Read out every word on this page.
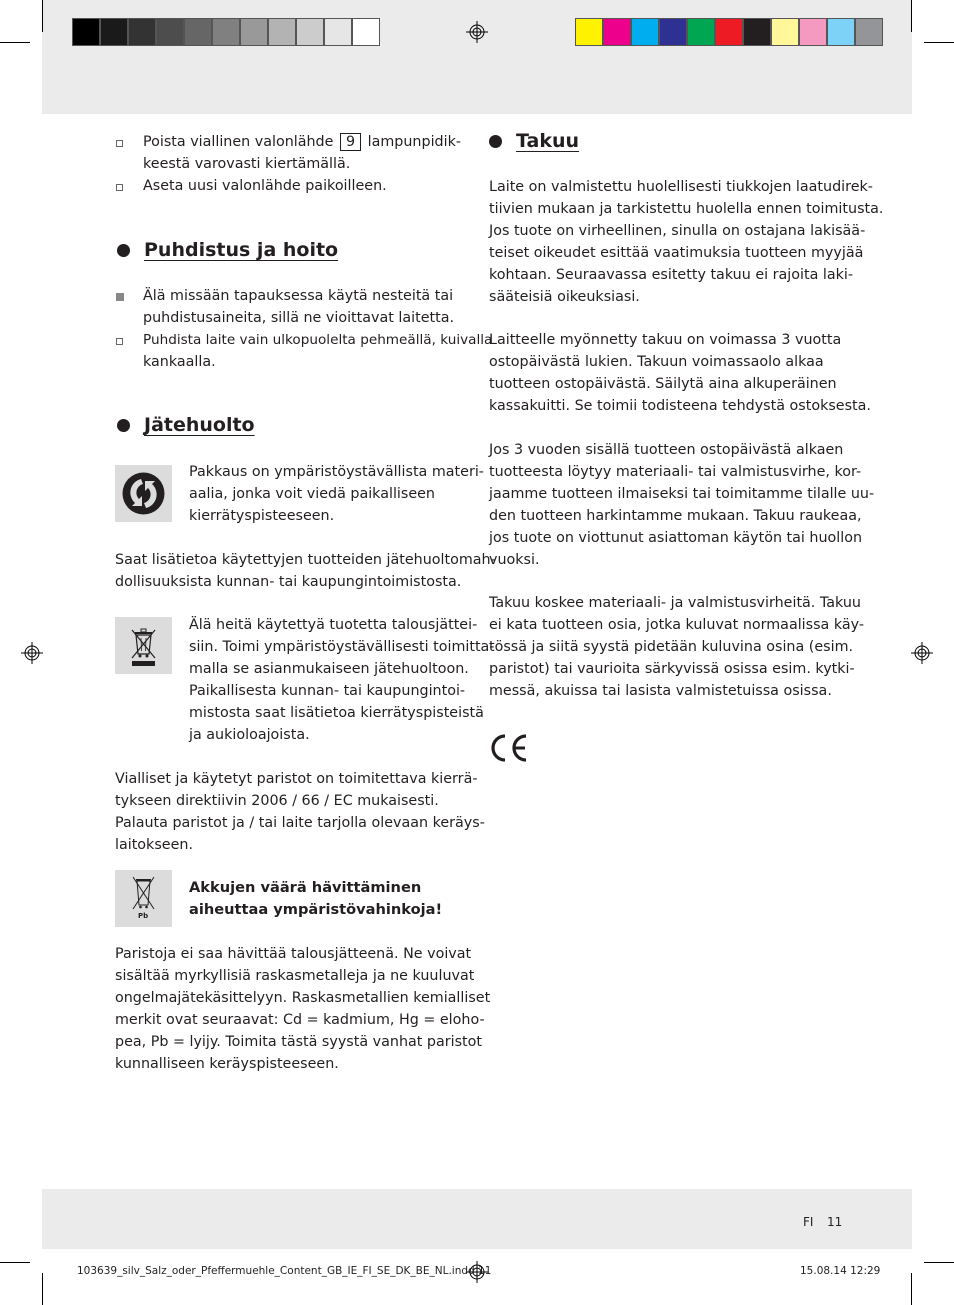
Poista viallinen valonlähde 9 lampunpidik-
keestä varovasti kiertämällä.
Aseta uusi valonlähde paikoilleen.
Puhdistus ja hoito
Älä missään tapauksessa käytä nesteitä tai
puhdistusaineita, sillä ne vioittavat laitetta.
Puhdista laite vain ulkopuolelta pehmeällä, kuivalla
kankaalla.
Jätehuolto
Pakkaus on ympäristöystävällista materi-
aalia, jonka voit viedä paikalliseen
kierrätyspisteeseen.
Saat lisätietoa käytettyjen tuotteiden jätehuoltomah-
dollisuuksista kunnan- tai kaupungintoimistosta.
Älä heitä käytettyä tuotetta talousjättei-
siin. Toimi ympäristöystävällisesti toimitta-
malla se asianmukaiseen jätehuoltoon.
Paikallisesta kunnan- tai kaupungintoi-
mistosta saat lisätietoa kierrätyspisteistä
ja aukioloajoista.
Vialliset ja käytetyt paristot on toimitettava kierrä-
tykseen direktiivin 2006 / 66 / EC mukaisesti.
Palauta paristot ja / tai laite tarjolla olevaan keräys-
laitokseen.
Pb
Akkujen väärä hävittäminen
aiheuttaa ympäristövahinkoja!
Paristoja ei saa hävittää talousjätteenä. Ne voivat
sisältää myrkyllisiä raskasmetalleja ja ne kuuluvat
ongelmajätekäsittelyyn. Raskasmetallien kemialliset
merkit ovat seuraavat: Cd = kadmium, Hg = eloho-
pea, Pb = lyijy. Toimita tästä syystä vanhat paristot
kunnalliseen keräyspisteeseen.
Takuu
Laite on valmistettu huolellisesti tiukkojen laatudirek-
tiivien mukaan ja tarkistettu huolella ennen toimitusta.
Jos tuote on virheellinen, sinulla on ostajana lakisää-
teiset oikeudet esittää vaatimuksia tuotteen myyjää
kohtaan. Seuraavassa esitetty takuu ei rajoita laki-
sääteisiä oikeuksiasi.
Laitteelle myönnetty takuu on voimassa 3 vuotta
ostopäivästä lukien. Takuun voimassaolo alkaa
tuotteen ostopäivästä. Säilytä aina alkuperäinen
kassakuitti. Se toimii todisteena tehdystä ostoksesta.
Jos 3 vuoden sisällä tuotteen ostopäivästä alkaen
tuotteesta löytyy materiaali- tai valmistusvirhe, kor-
jaamme tuotteen ilmaiseksi tai toimitamme tilalle uu-
den tuotteen harkintamme mukaan. Takuu raukeaa,
jos tuote on viottunut asiattoman käytön tai huollon
vuoksi.
Takuu koskee materiaali- ja valmistusvirheitä. Takuu
ei kata tuotteen osia, jotka kuluvat normaalissa käy-
tössä ja siitä syystä pidetään kuluvina osina (esim.
paristot) tai vaurioita särkyvissä osissa esim. kytki-
messä, akuissa tai lasista valmistetuissa osissa.
FI 11
103639_silv_Salz_oder_Pfeffermuehle_Content_GB_IE_FI_SE_DK_BE_NL.indd 11	15.08.14 12:29
